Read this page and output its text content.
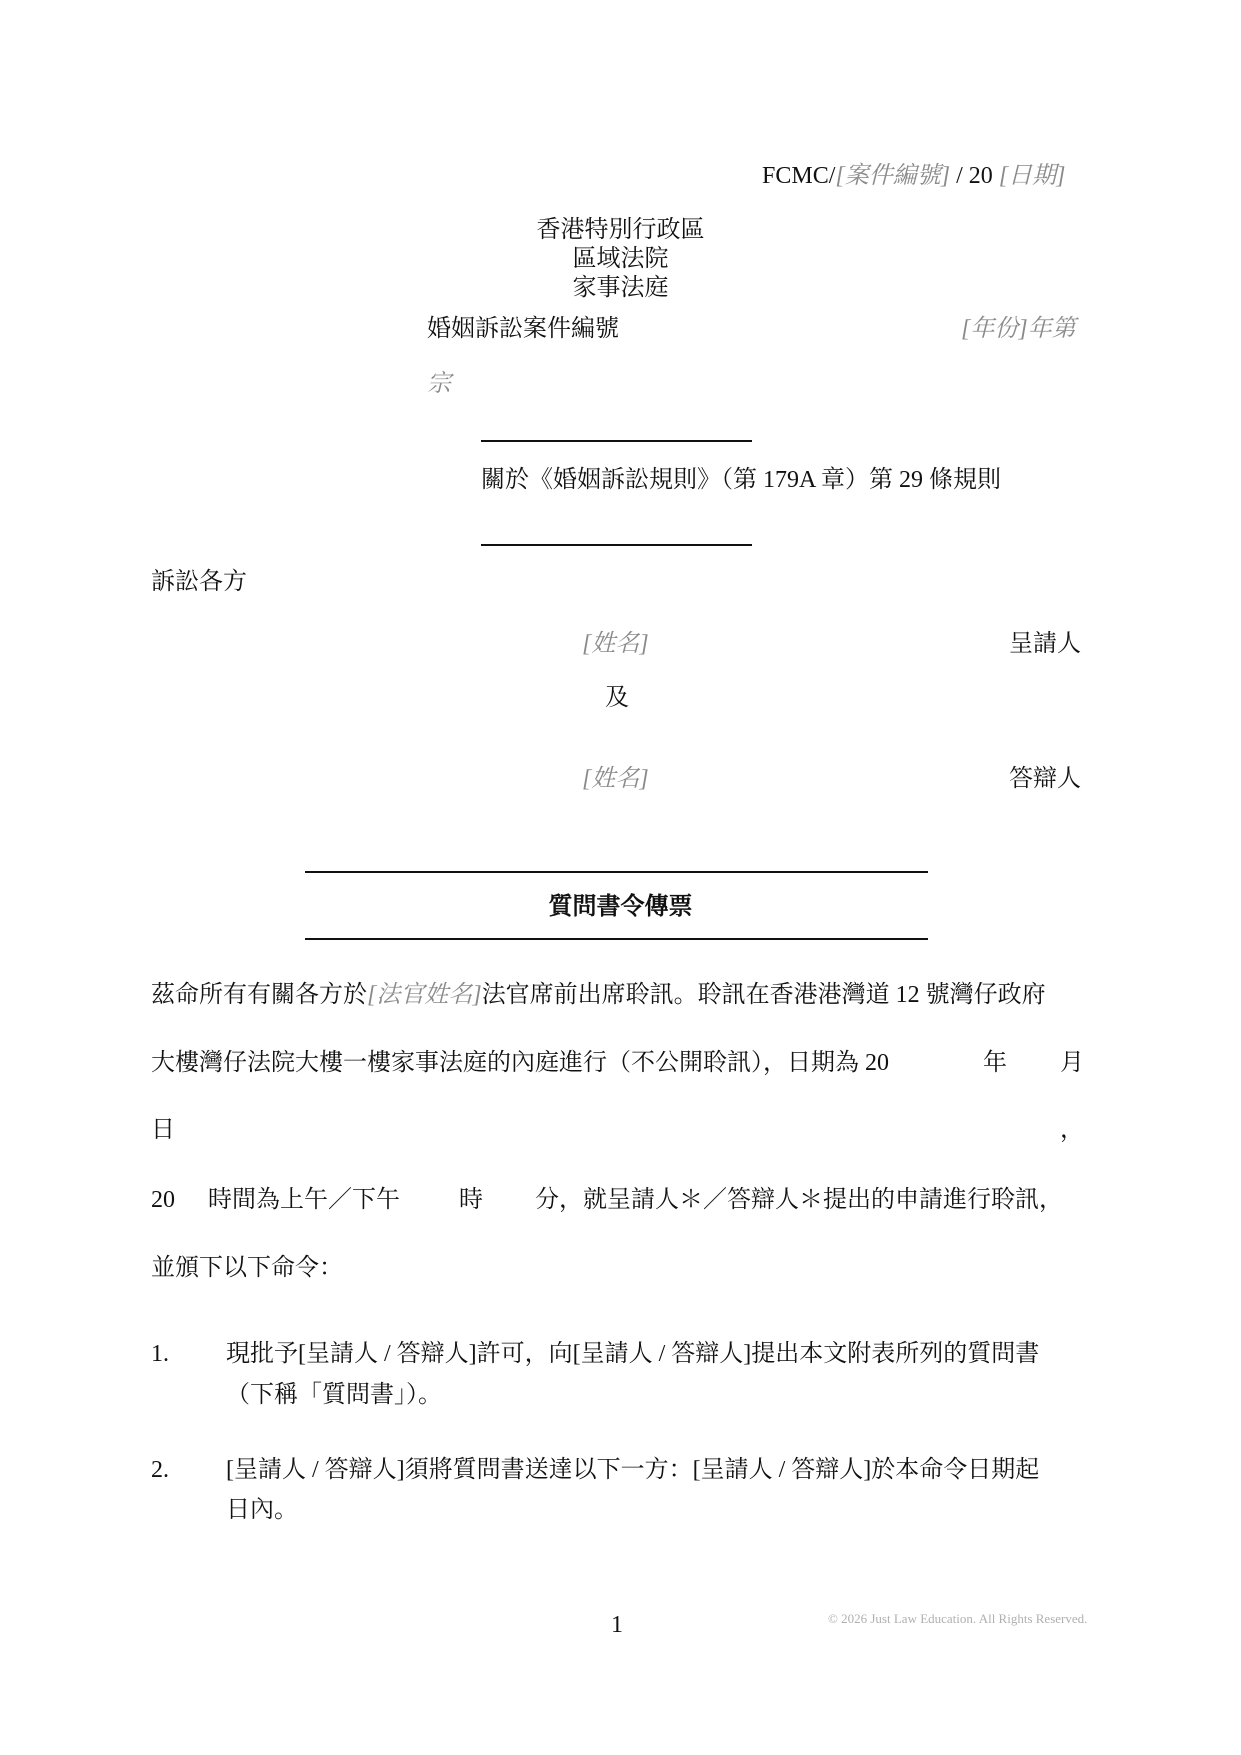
FCMC/[案件編號] / 20 [日期]
香港特別行政區
區域法院
家事法庭
婚姻訴訟案件編號	[年份]年第
宗
關於《婚姻訴訟規則》（第 179A 章）第 29 條規則
訴訟各方
[姓名]	呈請人
及
[姓名]	答辯人
質問書令傳票
茲命所有有關各方於[法官姓名]法官席前出席聆訊。聆訊在香港港灣道 12 號灣仔政府
大樓灣仔法院大樓一樓家事法庭的內庭進行（不公開聆訊），日期為 20	年 月
日	，
20 時間為上午／下午 時 分，就呈請人＊／答辯人＊提出的申請進行聆訊，
並頒下以下命令：
1. 現批予[呈請人 / 答辯人]許可，向[呈請人 / 答辯人]提出本文附表所列的質問書
（下稱「質問書」）。
2. [呈請人 / 答辯人]須將質問書送達以下一方：[呈請人 / 答辯人]於本命令日期起
日內。
1	© 2026 Just Law Education. All Rights Reserved.
